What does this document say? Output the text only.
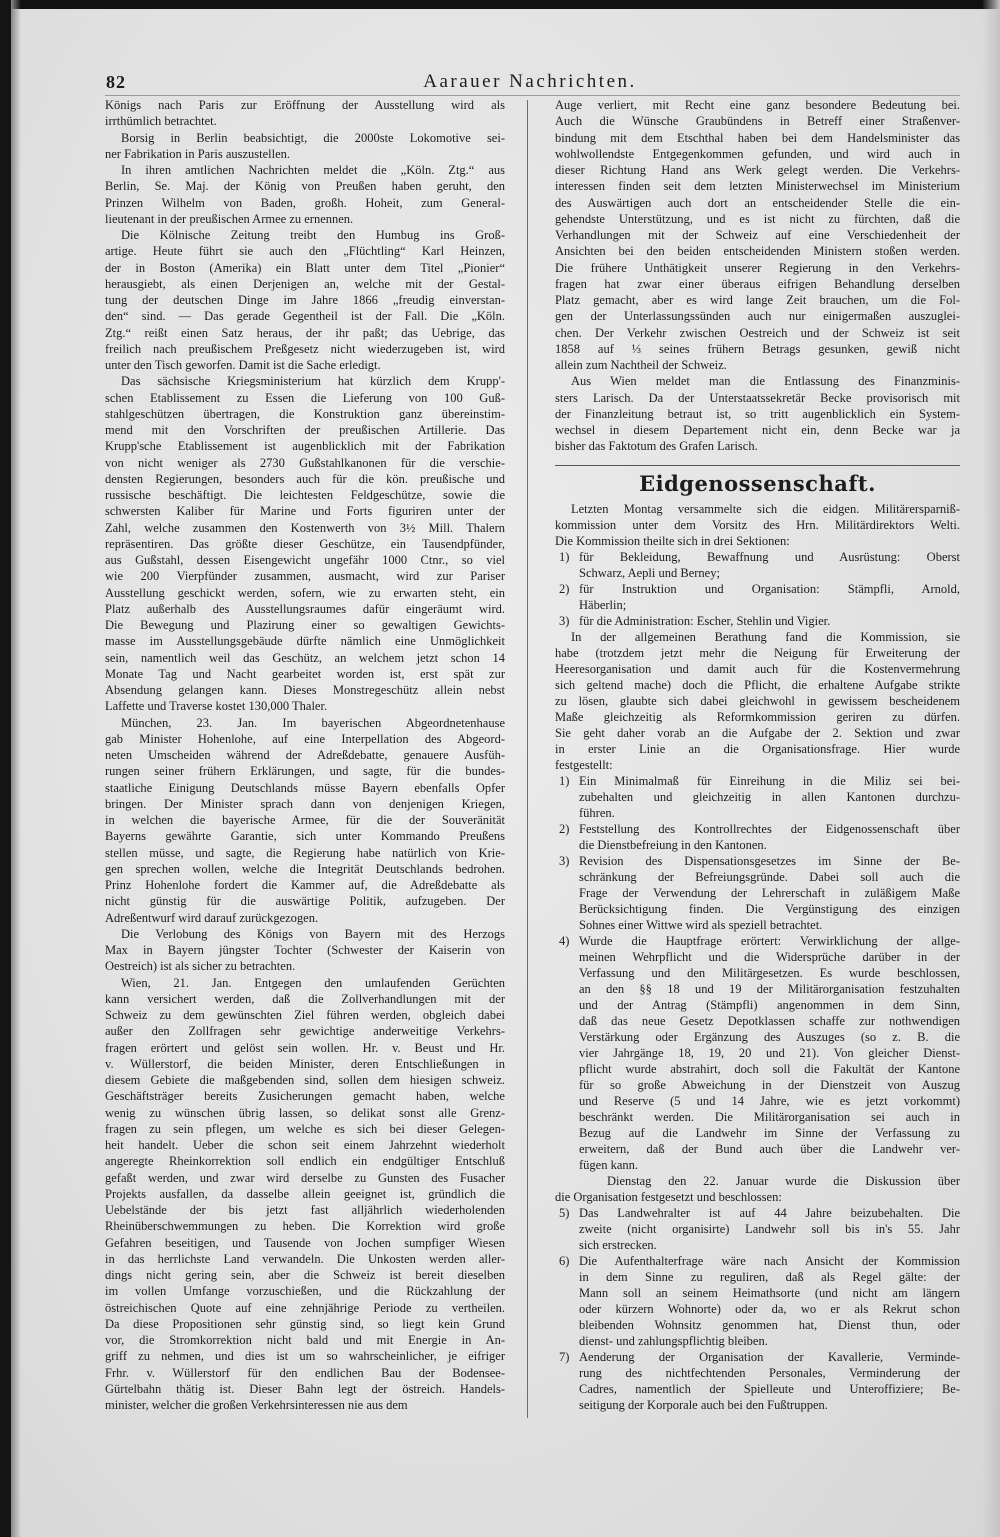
82	Aarauer Nachrichten.
Königs nach Paris zur Eröffnung der Ausstellung wird als
irrthümlich betrachtet.
Borsig in Berlin beabsichtigt, die 2000ste Lokomotive sei-
ner Fabrikation in Paris auszustellen.
In ihren amtlichen Nachrichten meldet die „Köln. Ztg.“ aus
Berlin, Se. Maj. der König von Preußen haben geruht, den
Prinzen Wilhelm von Baden, großh. Hoheit, zum General-
lieutenant in der preußischen Armee zu ernennen.
Die Kölnische Zeitung treibt den Humbug ins Groß-
artige. Heute führt sie auch den „Flüchtling“ Karl Heinzen,
der in Boston (Amerika) ein Blatt unter dem Titel „Pionier“
herausgiebt, als einen Derjenigen an, welche mit der Gestal-
tung der deutschen Dinge im Jahre 1866 „freudig einverstan-
den“ sind. — Das gerade Gegentheil ist der Fall. Die „Köln.
Ztg.“ reißt einen Satz heraus, der ihr paßt; das Uebrige, das
freilich nach preußischem Preßgesetz nicht wiederzugeben ist, wird
unter den Tisch geworfen. Damit ist die Sache erledigt.
Das sächsische Kriegsministerium hat kürzlich dem Krupp'-
schen Etablissement zu Essen die Lieferung von 100 Guß-
stahlgeschützen übertragen, die Konstruktion ganz übereinstim-
mend mit den Vorschriften der preußischen Artillerie. Das
Krupp'sche Etablissement ist augenblicklich mit der Fabrikation
von nicht weniger als 2730 Gußstahlkanonen für die verschie-
densten Regierungen, besonders auch für die kön. preußische und
russische beschäftigt. Die leichtesten Feldgeschütze, sowie die
schwersten Kaliber für Marine und Forts figuriren unter der
Zahl, welche zusammen den Kostenwerth von 3½ Mill. Thalern
repräsentiren. Das größte dieser Geschütze, ein Tausendpfünder,
aus Gußstahl, dessen Eisengewicht ungefähr 1000 Ctnr., so viel
wie 200 Vierpfünder zusammen, ausmacht, wird zur Pariser
Ausstellung geschickt werden, sofern, wie zu erwarten steht, ein
Platz außerhalb des Ausstellungsraumes dafür eingeräumt wird.
Die Bewegung und Plazirung einer so gewaltigen Gewichts-
masse im Ausstellungsgebäude dürfte nämlich eine Unmöglichkeit
sein, namentlich weil das Geschütz, an welchem jetzt schon 14
Monate Tag und Nacht gearbeitet worden ist, erst spät zur
Absendung gelangen kann. Dieses Monstregeschütz allein nebst
Laffette und Traverse kostet 130,000 Thaler.
München, 23. Jan. Im bayerischen Abgeordnetenhause
gab Minister Hohenlohe, auf eine Interpellation des Abgeord-
neten Umscheiden während der Adreßdebatte, genauere Ausfüh-
rungen seiner frühern Erklärungen, und sagte, für die bundes-
staatliche Einigung Deutschlands müsse Bayern ebenfalls Opfer
bringen. Der Minister sprach dann von denjenigen Kriegen,
in welchen die bayerische Armee, für die der Souveränität
Bayerns gewährte Garantie, sich unter Kommando Preußens
stellen müsse, und sagte, die Regierung habe natürlich von Krie-
gen sprechen wollen, welche die Integrität Deutschlands bedrohen.
Prinz Hohenlohe fordert die Kammer auf, die Adreßdebatte als
nicht günstig für die auswärtige Politik, aufzugeben. Der
Adreßentwurf wird darauf zurückgezogen.
Die Verlobung des Königs von Bayern mit des Herzogs
Max in Bayern jüngster Tochter (Schwester der Kaiserin von
Oestreich) ist als sicher zu betrachten.
Wien, 21. Jan. Entgegen den umlaufenden Gerüchten
kann versichert werden, daß die Zollverhandlungen mit der
Schweiz zu dem gewünschten Ziel führen werden, obgleich dabei
außer den Zollfragen sehr gewichtige anderweitige Verkehrs-
fragen erörtert und gelöst sein wollen. Hr. v. Beust und Hr.
v. Wüllerstorf, die beiden Minister, deren Entschließungen in
diesem Gebiete die maßgebenden sind, sollen dem hiesigen schweiz.
Geschäftsträger bereits Zusicherungen gemacht haben, welche
wenig zu wünschen übrig lassen, so delikat sonst alle Grenz-
fragen zu sein pflegen, um welche es sich bei dieser Gelegen-
heit handelt. Ueber die schon seit einem Jahrzehnt wiederholt
angeregte Rheinkorrektion soll endlich ein endgültiger Entschluß
gefaßt werden, und zwar wird derselbe zu Gunsten des Fusacher
Projekts ausfallen, da dasselbe allein geeignet ist, gründlich die
Uebelstände der bis jetzt fast alljährlich wiederholenden
Rheinüberschwemmungen zu heben. Die Korrektion wird große
Gefahren beseitigen, und Tausende von Jochen sumpfiger Wiesen
in das herrlichste Land verwandeln. Die Unkosten werden aller-
dings nicht gering sein, aber die Schweiz ist bereit dieselben
im vollen Umfange vorzuschießen, und die Rückzahlung der
östreichischen Quote auf eine zehnjährige Periode zu vertheilen.
Da diese Propositionen sehr günstig sind, so liegt kein Grund
vor, die Stromkorrektion nicht bald und mit Energie in An-
griff zu nehmen, und dies ist um so wahrscheinlicher, je eifriger
Frhr. v. Wüllerstorf für den endlichen Bau der Bodensee-
Gürtelbahn thätig ist. Dieser Bahn legt der östreich. Handels-
minister, welcher die großen Verkehrsinteressen nie aus dem
Auge verliert, mit Recht eine ganz besondere Bedeutung bei.
Auch die Wünsche Graubündens in Betreff einer Straßenver-
bindung mit dem Etschthal haben bei dem Handelsminister das
wohlwollendste Entgegenkommen gefunden, und wird auch in
dieser Richtung Hand ans Werk gelegt werden. Die Verkehrs-
interessen finden seit dem letzten Ministerwechsel im Ministerium
des Auswärtigen auch dort an entscheidender Stelle die ein-
gehendste Unterstützung, und es ist nicht zu fürchten, daß die
Verhandlungen mit der Schweiz auf eine Verschiedenheit der
Ansichten bei den beiden entscheidenden Ministern stoßen werden.
Die frühere Unthätigkeit unserer Regierung in den Verkehrs-
fragen hat zwar einer überaus eifrigen Behandlung derselben
Platz gemacht, aber es wird lange Zeit brauchen, um die Fol-
gen der Unterlassungssünden auch nur einigermaßen auszuglei-
chen. Der Verkehr zwischen Oestreich und der Schweiz ist seit
1858 auf ⅓ seines frühern Betrags gesunken, gewiß nicht
allein zum Nachtheil der Schweiz.
Aus Wien meldet man die Entlassung des Finanzminis-
sters Larisch. Da der Unterstaatssekretär Becke provisorisch mit
der Finanzleitung betraut ist, so tritt augenblicklich ein System-
wechsel in diesem Departement nicht ein, denn Becke war ja
bisher das Faktotum des Grafen Larisch.
Eidgenossenschaft.
Letzten Montag versammelte sich die eidgen. Militärersparniß-
kommission unter dem Vorsitz des Hrn. Militärdirektors Welti.
Die Kommission theilte sich in drei Sektionen:
1) für Bekleidung, Bewaffnung und Ausrüstung: Oberst
Schwarz, Aepli und Berney;
2) für Instruktion und Organisation: Stämpfli, Arnold,
Häberlin;
3) für die Administration: Escher, Stehlin und Vigier.
In der allgemeinen Berathung fand die Kommission, sie
habe (trotzdem jetzt mehr die Neigung für Erweiterung der
Heeresorganisation und damit auch für die Kostenvermehrung
sich geltend mache) doch die Pflicht, die erhaltene Aufgabe strikte
zu lösen, glaubte sich dabei gleichwohl in gewissem bescheidenem
Maße gleichzeitig als Reformkommission geriren zu dürfen.
Sie geht daher vorab an die Aufgabe der 2. Sektion und zwar
in erster Linie an die Organisationsfrage. Hier wurde
festgestellt:
1) Ein Minimalmaß für Einreihung in die Miliz sei bei-
zubehalten und gleichzeitig in allen Kantonen durchzu-
führen.
2) Feststellung des Kontrollrechtes der Eidgenossenschaft über
die Dienstbefreiung in den Kantonen.
3) Revision des Dispensationsgesetzes im Sinne der Be-
schränkung der Befreiungsgründe. Dabei soll auch die
Frage der Verwendung der Lehrerschaft in zuläßigem Maße
Berücksichtigung finden. Die Vergünstigung des einzigen
Sohnes einer Wittwe wird als speziell betrachtet.
4) Wurde die Hauptfrage erörtert: Verwirklichung der allge-
meinen Wehrpflicht und die Widersprüche darüber in der
Verfassung und den Militärgesetzen. Es wurde beschlossen,
an den §§ 18 und 19 der Militärorganisation festzuhalten
und der Antrag (Stämpfli) angenommen in dem Sinn,
daß das neue Gesetz Depotklassen schaffe zur nothwendigen
Verstärkung oder Ergänzung des Auszuges (so z. B. die
vier Jahrgänge 18, 19, 20 und 21). Von gleicher Dienst-
pflicht wurde abstrahirt, doch soll die Fakultät der Kantone
für so große Abweichung in der Dienstzeit von Auszug
und Reserve (5 und 14 Jahre, wie es jetzt vorkommt)
beschränkt werden. Die Militärorganisation sei auch in
Bezug auf die Landwehr im Sinne der Verfassung zu
erweitern, daß der Bund auch über die Landwehr ver-
fügen kann.
Dienstag den 22. Januar wurde die Diskussion über
die Organisation festgesetzt und beschlossen:
5) Das Landwehralter ist auf 44 Jahre beizubehalten. Die
zweite (nicht organisirte) Landwehr soll bis in's 55. Jahr
sich erstrecken.
6) Die Aufenthalterfrage wäre nach Ansicht der Kommission
in dem Sinne zu reguliren, daß als Regel gälte: der
Mann soll an seinem Heimathsorte (und nicht am längern
oder kürzern Wohnorte) oder da, wo er als Rekrut schon
bleibenden Wohnsitz genommen hat, Dienst thun, oder
dienst- und zahlungspflichtig bleiben.
7) Aenderung der Organisation der Kavallerie, Verminde-
rung des nichtfechtenden Personales, Verminderung der
Cadres, namentlich der Spielleute und Unteroffiziere; Be-
seitigung der Korporale auch bei den Fußtruppen.
